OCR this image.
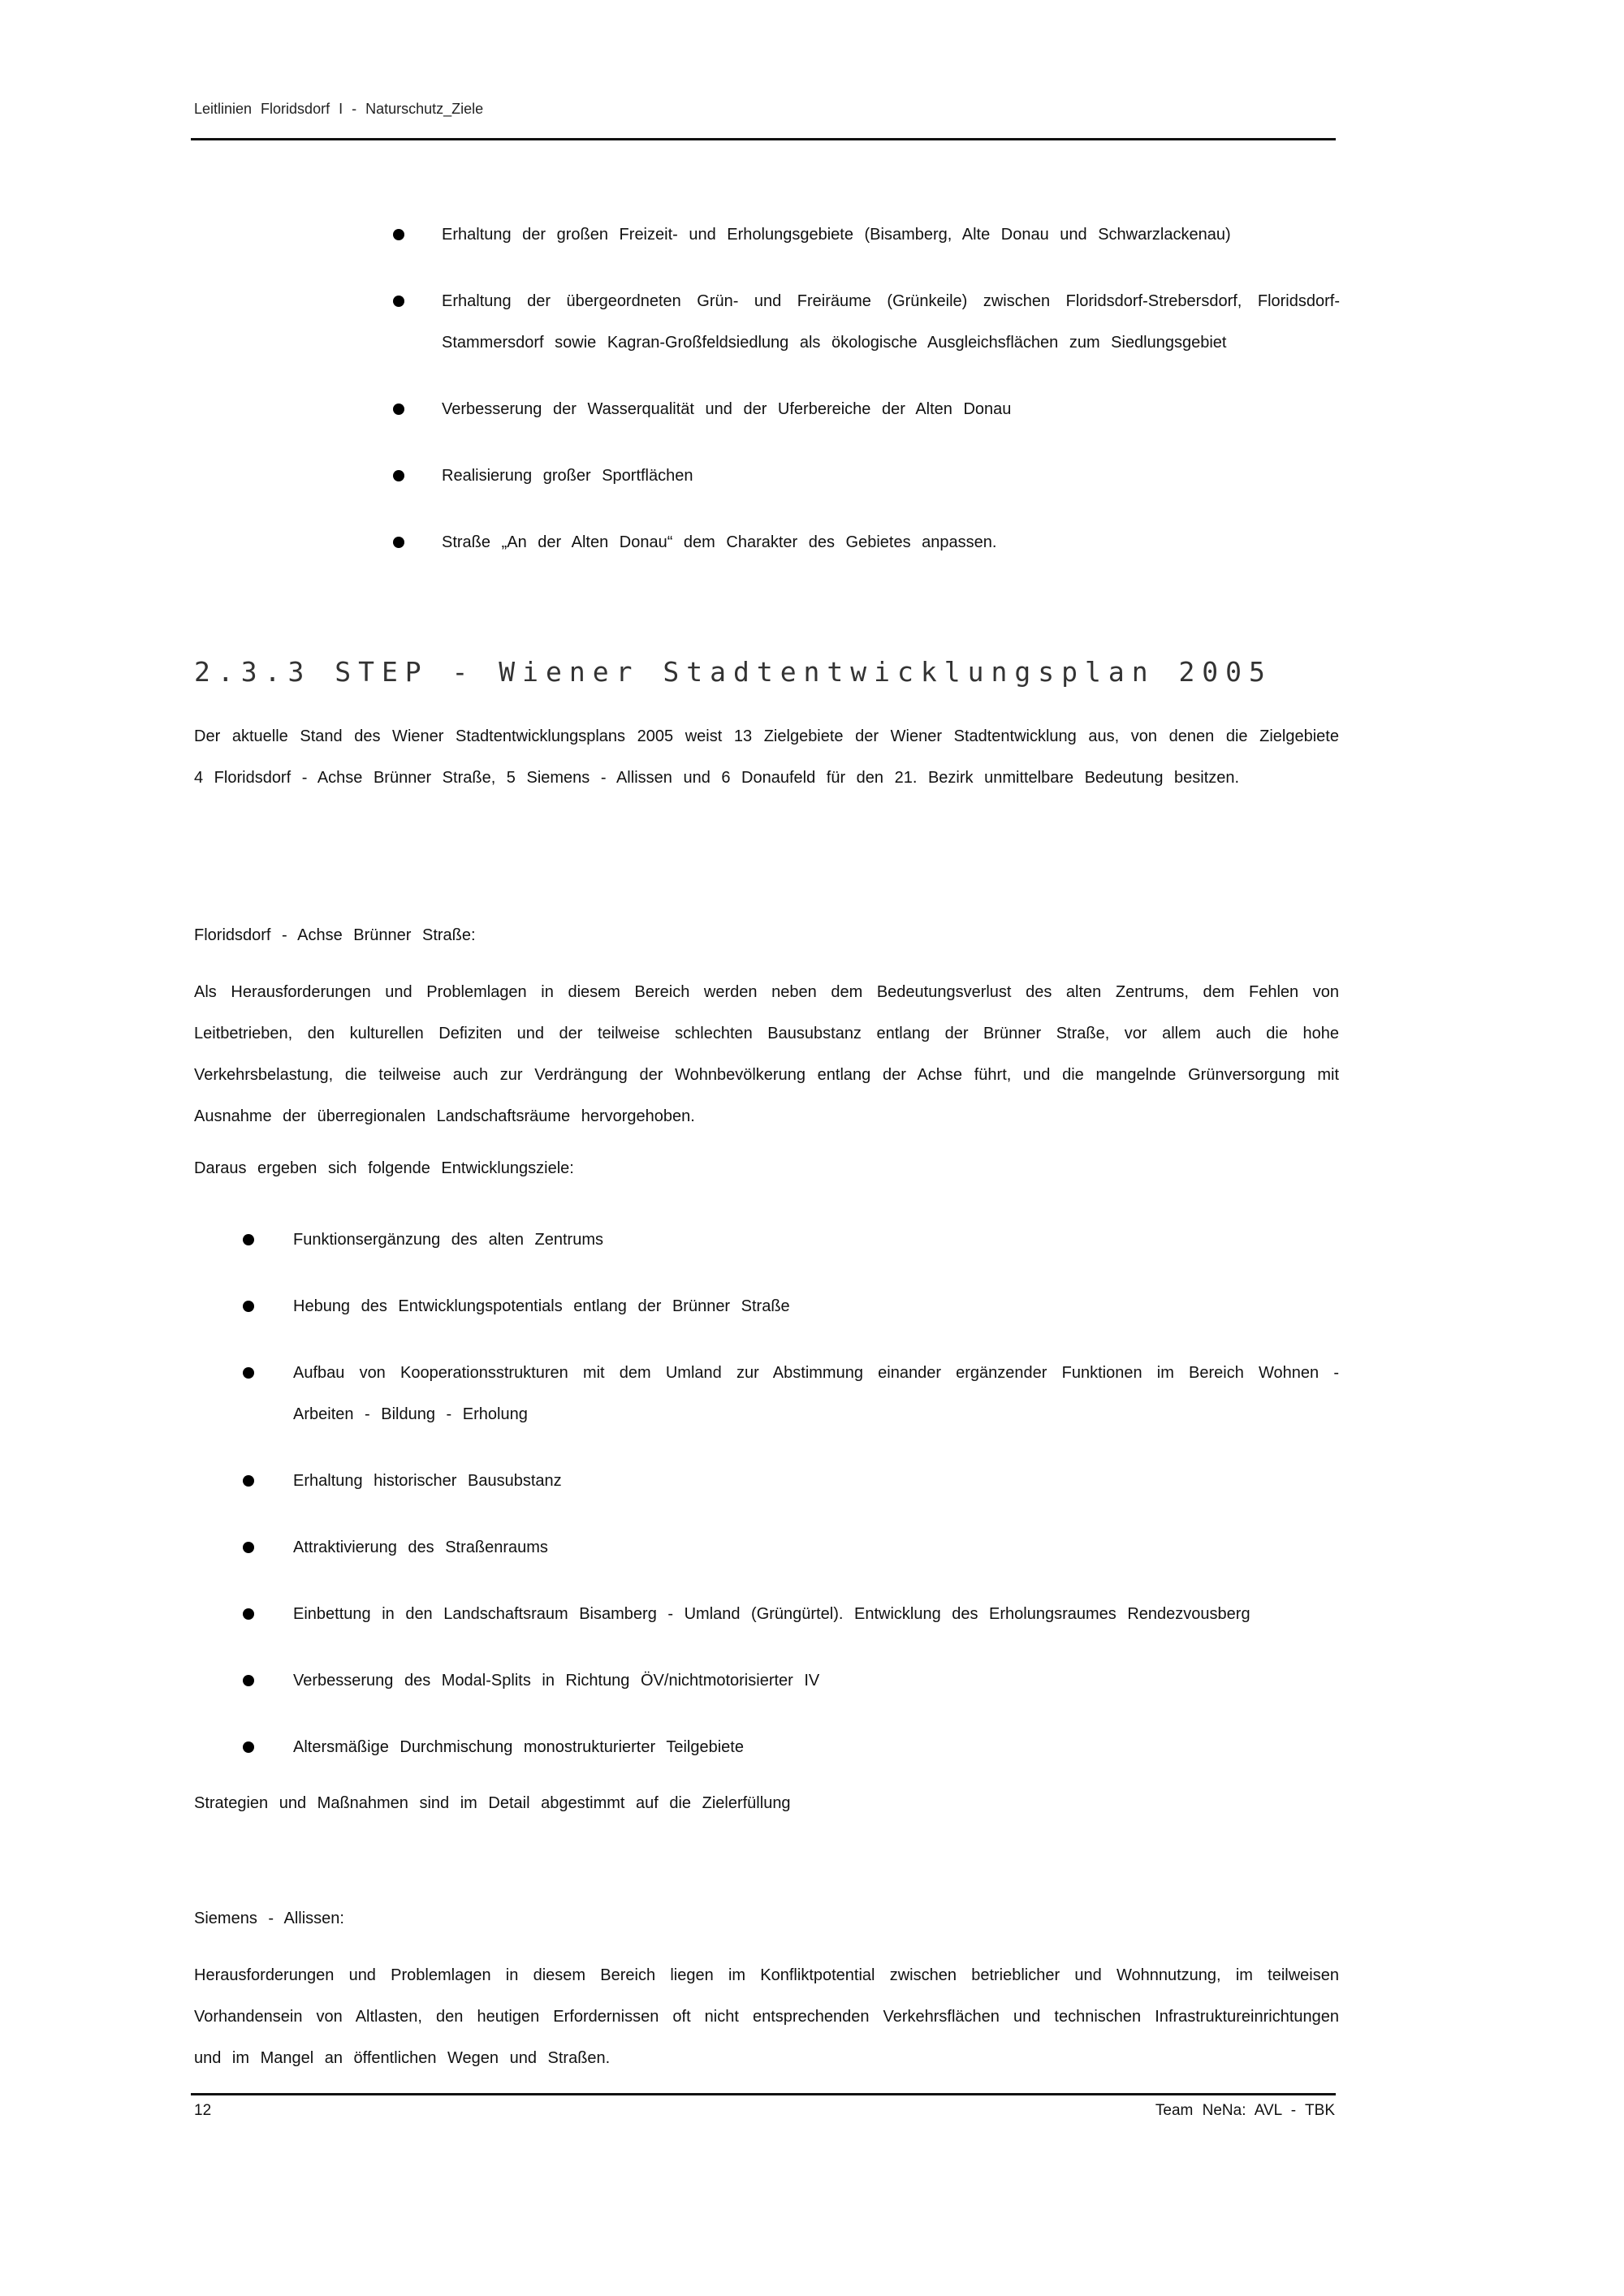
Leitlinien Floridsdorf I - Naturschutz_Ziele
Erhaltung der großen Freizeit- und Erholungsgebiete (Bisamberg, Alte Donau und Schwarzlackenau)
Erhaltung der übergeordneten Grün- und Freiräume (Grünkeile) zwischen Floridsdorf-Strebersdorf, Floridsdorf-Stammersdorf sowie Kagran-Großfeldsiedlung als ökologische Ausgleichsflächen zum Siedlungsgebiet
Verbesserung der Wasserqualität und der Uferbereiche der Alten Donau
Realisierung großer Sportflächen
Straße „An der Alten Donau“ dem Charakter des Gebietes anpassen.
2.3.3 STEP - Wiener Stadtentwicklungsplan 2005

Der aktuelle Stand des Wiener Stadtentwicklungsplans 2005 weist 13 Zielgebiete der Wiener Stadtentwicklung aus, von denen die Zielgebiete 4 Floridsdorf - Achse Brünner Straße, 5 Siemens - Allissen und 6 Donaufeld für den 21. Bezirk unmittelbare Bedeutung besitzen.

Floridsdorf - Achse Brünner Straße:

Als Herausforderungen und Problemlagen in diesem Bereich werden neben dem Bedeutungsverlust des alten Zentrums, dem Fehlen von Leitbetrieben, den kulturellen Defiziten und der teilweise schlechten Bausubstanz entlang der Brünner Straße, vor allem auch die hohe Verkehrsbelastung, die teilweise auch zur Verdrängung der Wohnbevölkerung entlang der Achse führt, und die mangelnde Grünversorgung mit Ausnahme der überregionalen Landschaftsräume hervorgehoben.

Daraus ergeben sich folgende Entwicklungsziele:

Funktionsergänzung des alten Zentrums
Hebung des Entwicklungspotentials entlang der Brünner Straße
Aufbau von Kooperationsstrukturen mit dem Umland zur Abstimmung einander ergänzender Funktionen im Bereich Wohnen - Arbeiten - Bildung - Erholung
Erhaltung historischer Bausubstanz
Attraktivierung des Straßenraums
Einbettung in den Landschaftsraum Bisamberg - Umland (Grüngürtel). Entwicklung des Erholungsraumes Rendezvousberg
Verbesserung des Modal-Splits in Richtung ÖV/nichtmotorisierter IV
Altersmäßige Durchmischung monostrukturierter Teilgebiete

Strategien und Maßnahmen sind im Detail abgestimmt auf die Zielerfüllung

Siemens - Allissen:

Herausforderungen und Problemlagen in diesem Bereich liegen im Konfliktpotential zwischen betrieblicher und Wohnnutzung, im teilweisen Vorhandensein von Altlasten, den heutigen Erfordernissen oft nicht entsprechenden Verkehrsflächen und technischen Infrastruktureinrichtungen und im Mangel an öffentlichen Wegen und Straßen.

12	Team NeNa: AVL - TBK
